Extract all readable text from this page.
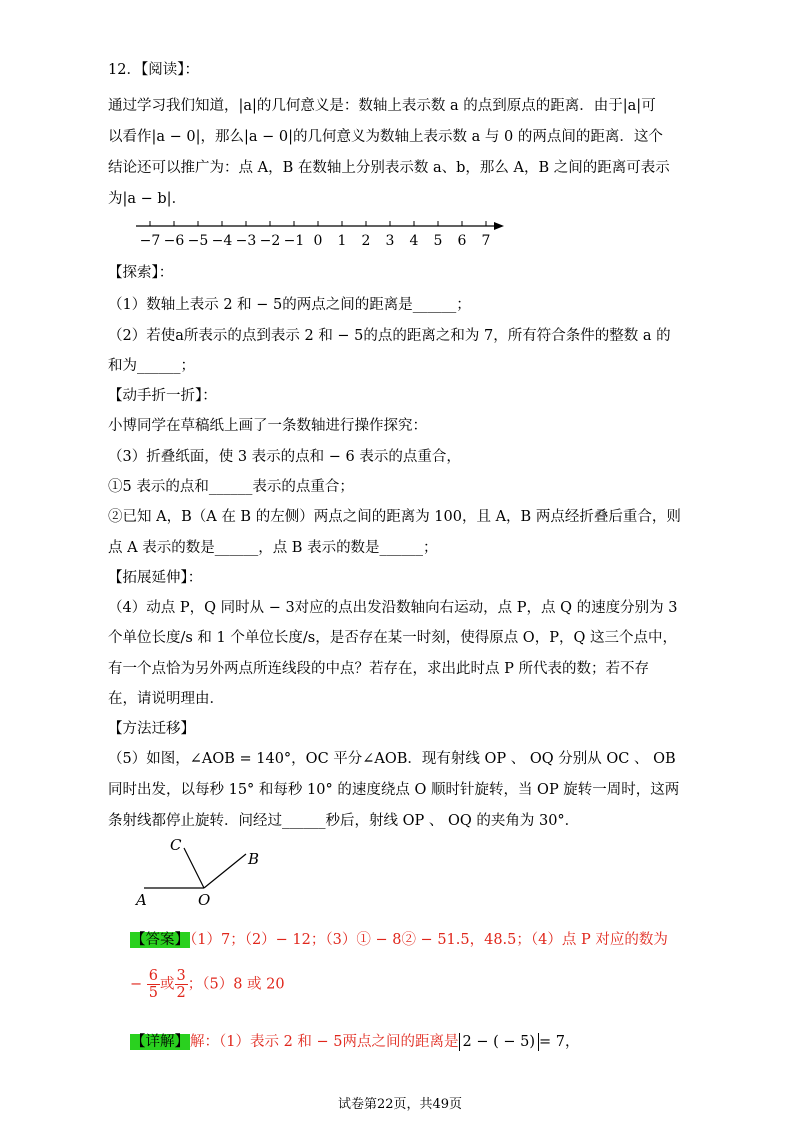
12．【阅读】：
通过学习我们知道，|a|的几何意义是：数轴上表示数 a 的点到原点的距离．由于|a|可
以看作|a − 0|，那么|a − 0|的几何意义为数轴上表示数 a 与 0 的两点间的距离．这个
结论还可以推广为：点 A，B 在数轴上分别表示数 a、b，那么 A，B 之间的距离可表示
为|a − b|．
−7 −6 −5 −4 −3 −2 −1 0 1 2 3 4 5 6 7
【探索】：
（1）数轴上表示 2 和 − 5的两点之间的距离是______；
（2）若使a所表示的点到表示 2 和 − 5的点的距离之和为 7，所有符合条件的整数 a 的
和为______；
【动手折一折】：
小博同学在草稿纸上画了一条数轴进行操作探究：
（3）折叠纸面，使 3 表示的点和 − 6 表示的点重合，
①5 表示的点和______表示的点重合；
②已知 A，B（A 在 B 的左侧）两点之间的距离为 100，且 A，B 两点经折叠后重合，则
点 A 表示的数是______，点 B 表示的数是______；
【拓展延伸】：
（4）动点 P，Q 同时从 − 3对应的点出发沿数轴向右运动，点 P，点 Q 的速度分别为 3
个单位长度/s 和 1 个单位长度/s，是否存在某一时刻，使得原点 O，P，Q 这三个点中，
有一个点恰为另外两点所连线段的中点？若存在，求出此时点 P 所代表的数；若不存
在，请说明理由．
【方法迁移】
（5）如图，∠AOB = 140°，OC 平分∠AOB．现有射线 OP 、 OQ 分别从 OC 、 OB
同时出发，以每秒 15° 和每秒 10° 的速度绕点 O 顺时针旋转，当 OP 旋转一周时，这两
条射线都停止旋转．问经过______秒后，射线 OP 、 OQ 的夹角为 30°．
C
B
A	O
【答案】（1）7；（2）− 12；（3）① − 8② − 51.5，48.5；（4）点 P 对应的数为
− $\frac{6}{5}$ 或 $\frac{3}{2}$ ；（5）8 或 20
【详解】解：（1）表示 2 和 − 5两点之间的距离是 2 − ( − 5) = 7，
试卷第22页，共49页
